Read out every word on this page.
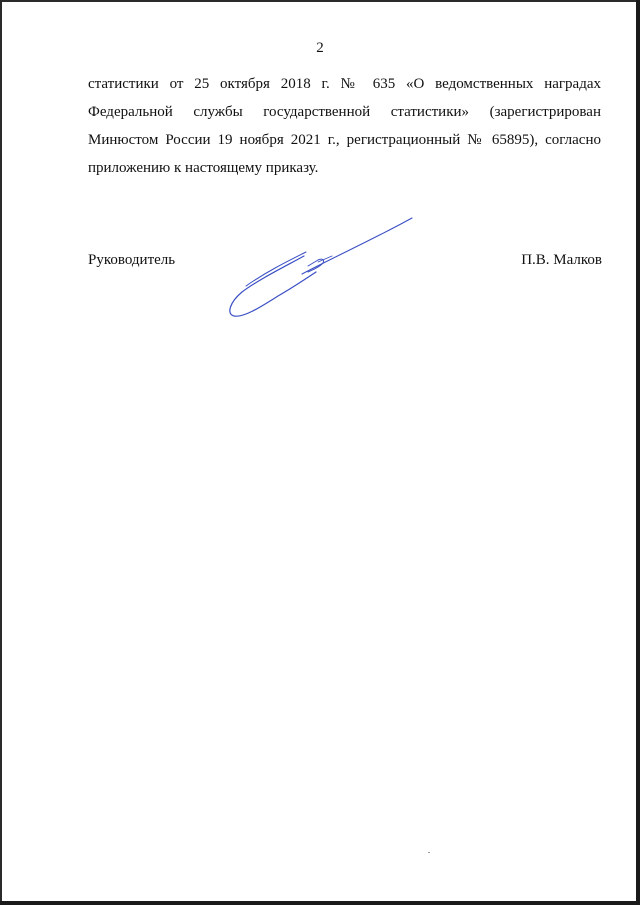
2

статистики от 25 октября 2018 г. № 635 «О ведомственных наградах
Федеральной службы государственной статистики» (зарегистрирован
Минюстом России 19 ноября 2021 г., регистрационный № 65895), согласно
приложению к настоящему приказу.

Руководитель	П.В. Малков
